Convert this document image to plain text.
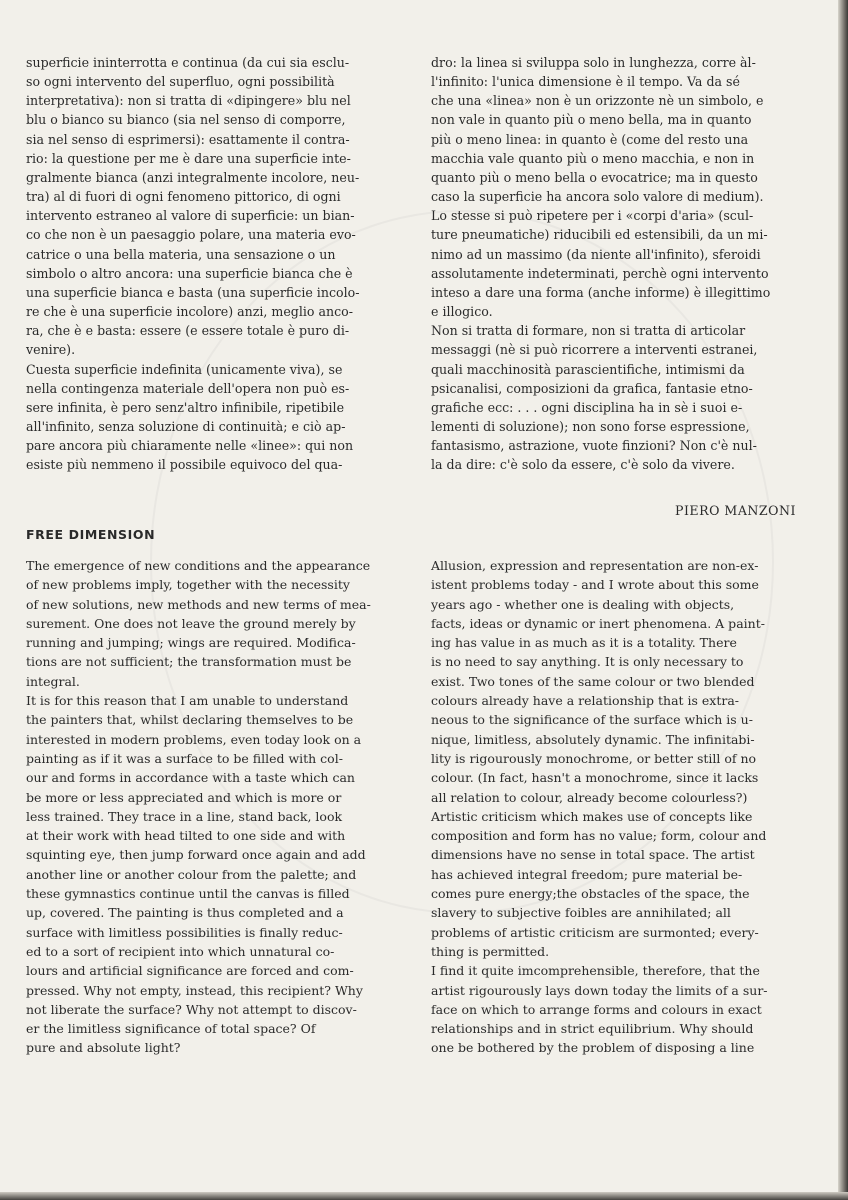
superficie ininterrotta e continua (da cui sia esclu-

so ogni intervento del superfluo, ogni possibilità

interpretativa): non si tratta di «dipingere» blu nel

blu o bianco su bianco (sia nel senso di comporre,

sia nel senso di esprimersi): esattamente il contra-

rio: la questione per me è dare una superficie inte-

gralmente bianca (anzi integralmente incolore, neu-

tra) al di fuori di ogni fenomeno pittorico, di ogni

intervento estraneo al valore di superficie: un bian-

co che non è un paesaggio polare, una materia evo-

catrice o una bella materia, una sensazione o un

simbolo o altro ancora: una superficie bianca che è

una superficie bianca e basta (una superficie incolo-

re che è una superficie incolore) anzi, meglio anco-

ra, che è e basta: essere (e essere totale è puro di-

venire).

Cuesta superficie indefinita (unicamente viva), se

nella contingenza materiale dell'opera non può es-

sere infinita, è pero senz'altro infinibile, ripetibile

all'infinito, senza soluzione di continuità; e ciò ap-

pare ancora più chiaramente nelle «linee»: qui non

esiste più nemmeno il possibile equivoco del qua-

dro: la linea si sviluppa solo in lunghezza, corre àl-

l'infinito: l'unica dimensione è il tempo. Va da sé

che una «linea» non è un orizzonte nè un simbolo, e

non vale in quanto più o meno bella, ma in quanto

più o meno linea: in quanto è (come del resto una

macchia vale quanto più o meno macchia, e non in

quanto più o meno bella o evocatrice; ma in questo

caso la superficie ha ancora solo valore di medium).

Lo stesse si può ripetere per i «corpi d'aria» (scul-

ture pneumatiche) riducibili ed estensibili, da un mi-

nimo ad un massimo (da niente all'infinito), sferoidi

assolutamente indeterminati, perchè ogni intervento

inteso a dare una forma (anche informe) è illegittimo

e illogico.

Non si tratta di formare, non si tratta di articolar

messaggi (nè si può ricorrere a interventi estranei,

quali macchinosità parascientifiche, intimismi da

psicanalisi, composizioni da grafica, fantasie etno-

grafiche ecc: . . . ogni disciplina ha in sè i suoi e-

lementi di soluzione); non sono forse espressione,

fantasismo, astrazione, vuote finzioni? Non c'è nul-

la da dire: c'è solo da essere, c'è solo da vivere.

PIERO MANZONI
FREE DIMENSION

The emergence of new conditions and the appearance

of new problems imply, together with the necessity

of new solutions, new methods and new terms of mea-

surement. One does not leave the ground merely by

running and jumping; wings are required. Modifica-

tions are not sufficient; the transformation must be

integral.

It is for this reason that I am unable to understand

the painters that, whilst declaring themselves to be

interested in modern problems, even today look on a

painting as if it was a surface to be filled with col-

our and forms in accordance with a taste which can

be more or less appreciated and which is more or

less trained. They trace in a line, stand back, look

at their work with head tilted to one side and with

squinting eye, then jump forward once again and add

another line or another colour from the palette; and

these gymnastics continue until the canvas is filled

up, covered. The painting is thus completed and a

surface with limitless possibilities is finally reduc-

ed to a sort of recipient into which unnatural co-

lours and artificial significance are forced and com-

pressed. Why not empty, instead, this recipient? Why

not liberate the surface? Why not attempt to discov-

er the limitless significance of total space? Of

pure and absolute light?

Allusion, expression and representation are non-ex-

istent problems today - and I wrote about this some

years ago - whether one is dealing with objects,

facts, ideas or dynamic or inert phenomena. A paint-

ing has value in as much as it is a totality. There

is no need to say anything. It is only necessary to

exist. Two tones of the same colour or two blended

colours already have a relationship that is extra-

neous to the significance of the surface which is u-

nique, limitless, absolutely dynamic. The infinitabi-

lity is rigourously monochrome, or better still of no

colour. (In fact, hasn't a monochrome, since it lacks

all relation to colour, already become colourless?)

Artistic criticism which makes use of concepts like

composition and form has no value; form, colour and

dimensions have no sense in total space. The artist

has achieved integral freedom; pure material be-

comes pure energy;the obstacles of the space, the

slavery to subjective foibles are annihilated; all

problems of artistic criticism are surmonted; every-

thing is permitted.

I find it quite imcomprehensible, therefore, that the

artist rigourously lays down today the limits of a sur-

face on which to arrange forms and colours in exact

relationships and in strict equilibrium. Why should

one be bothered by the problem of disposing a line
